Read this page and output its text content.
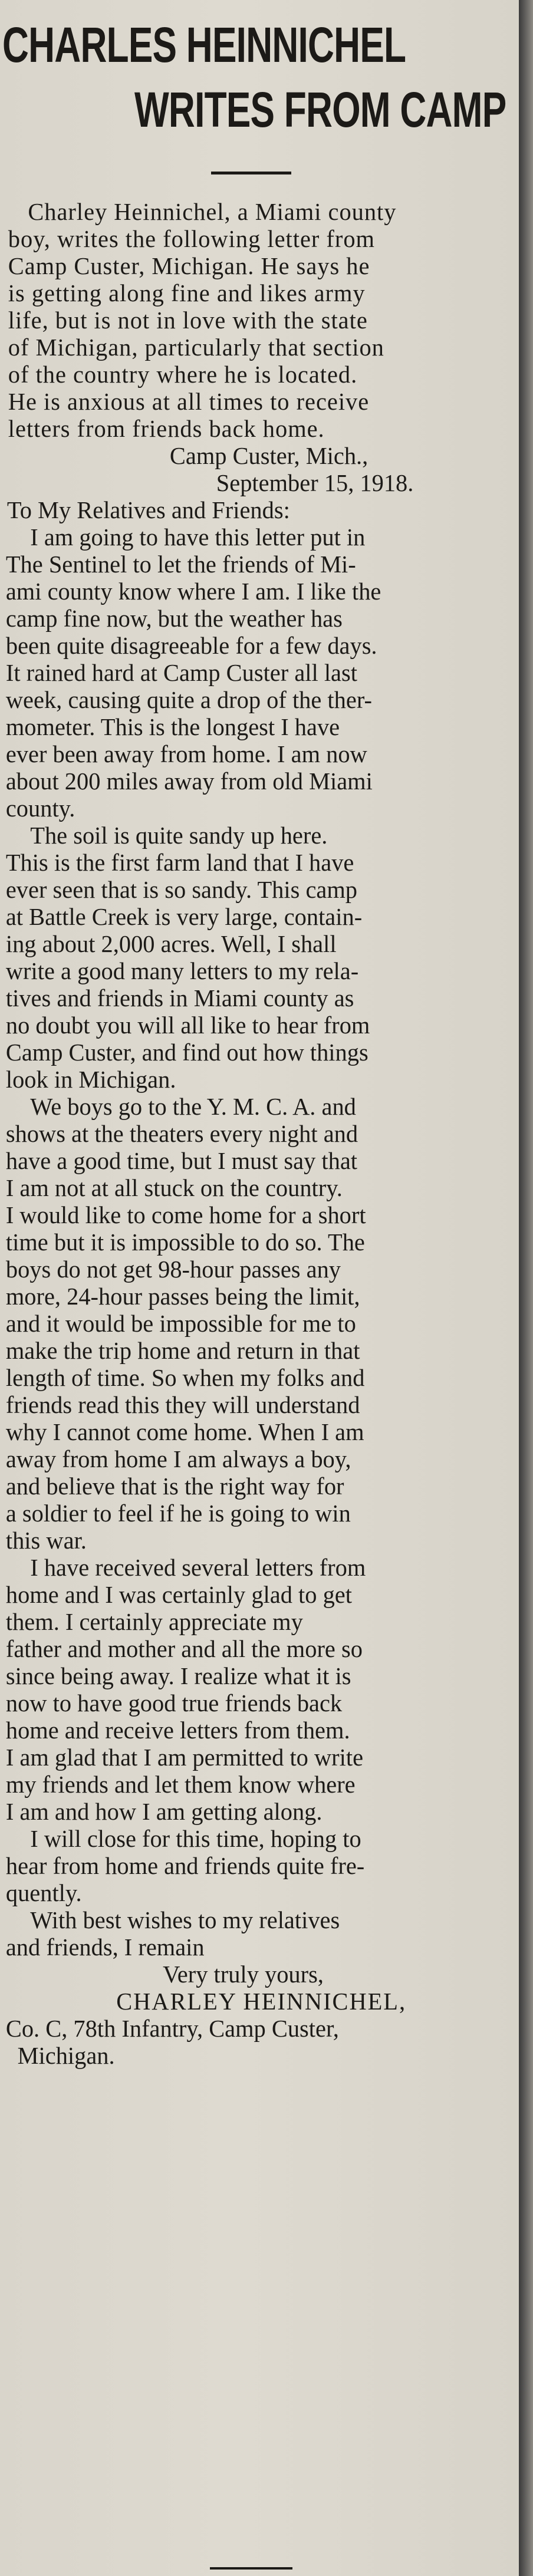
CHARLES HEINNICHEL
WRITES FROM CAMP
Charley Heinnichel, a Miami county
boy, writes the following letter from
Camp Custer, Michigan. He says he
is getting along fine and likes army
life, but is not in love with the state
of Michigan, particularly that section
of the country where he is located.
He is anxious at all times to receive
letters from friends back home.
Camp Custer, Mich.,
September 15, 1918.
To My Relatives and Friends:
I am going to have this letter put in
The Sentinel to let the friends of Mi-
ami county know where I am. I like the
camp fine now, but the weather has
been quite disagreeable for a few days.
It rained hard at Camp Custer all last
week, causing quite a drop of the ther-
mometer. This is the longest I have
ever been away from home. I am now
about 200 miles away from old Miami
county.
The soil is quite sandy up here.
This is the first farm land that I have
ever seen that is so sandy. This camp
at Battle Creek is very large, contain-
ing about 2,000 acres. Well, I shall
write a good many letters to my rela-
tives and friends in Miami county as
no doubt you will all like to hear from
Camp Custer, and find out how things
look in Michigan.
We boys go to the Y. M. C. A. and
shows at the theaters every night and
have a good time, but I must say that
I am not at all stuck on the country.
I would like to come home for a short
time but it is impossible to do so. The
boys do not get 98-hour passes any
more, 24-hour passes being the limit,
and it would be impossible for me to
make the trip home and return in that
length of time. So when my folks and
friends read this they will understand
why I cannot come home. When I am
away from home I am always a boy,
and believe that is the right way for
a soldier to feel if he is going to win
this war.
I have received several letters from
home and I was certainly glad to get
them. I certainly appreciate my
father and mother and all the more so
since being away. I realize what it is
now to have good true friends back
home and receive letters from them.
I am glad that I am permitted to write
my friends and let them know where
I am and how I am getting along.
I will close for this time, hoping to
hear from home and friends quite fre-
quently.
With best wishes to my relatives
and friends, I remain
Very truly yours,
CHARLEY HEINNICHEL,
Co. C, 78th Infantry, Camp Custer,
Michigan.
